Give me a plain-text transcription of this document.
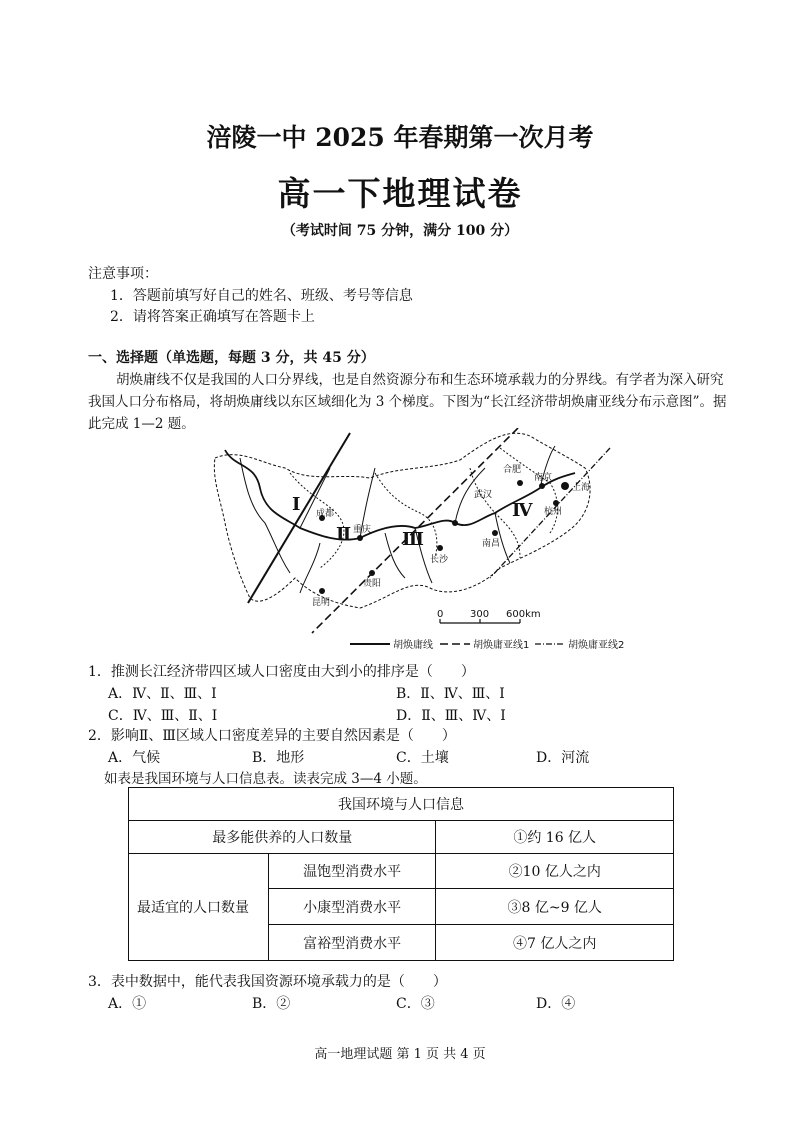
涪陵一中 2025 年春期第一次月考
高一下地理试卷
（考试时间 75 分钟，满分 100 分）
注意事项：
1．答题前填写好自己的姓名、班级、考号等信息
2．请将答案正确填写在答题卡上
一、选择题（单选题，每题 3 分，共 45 分）
胡焕庸线不仅是我国的人口分界线，也是自然资源分布和生态环境承载力的分界线。有学者为深入研究我国人口分布格局，将胡焕庸线以东区域细化为 3 个梯度。下图为“长江经济带胡焕庸亚线分布示意图”。据此完成 1—2 题。
成都
重庆
贵阳
昆明
长沙
武汉
南昌
合肥
南京
上海
杭州
Ⅰ
Ⅱ	Ⅲ
Ⅳ
0	300 600km
胡焕庸线	胡焕庸亚线1	胡焕庸亚线2
1．推测长江经济带四区域人口密度由大到小的排序是（　　）
A．Ⅳ、Ⅱ、Ⅲ、Ⅰ	B．Ⅱ、Ⅳ、Ⅲ、Ⅰ
C．Ⅳ、Ⅲ、Ⅱ、Ⅰ	D．Ⅱ、Ⅲ、Ⅳ、Ⅰ
2．影响Ⅱ、Ⅲ区域人口密度差异的主要自然因素是（　　）
A．气候	B．地形	C．土壤	D．河流
如表是我国环境与人口信息表。读表完成 3—4 小题。
我国环境与人口信息		
最多能供养的人口数量		①约 16 亿人
最适宜的人口数量	温饱型消费水平	②10 亿人之内
	小康型消费水平	③8 亿~9 亿人
	富裕型消费水平	④7 亿人之内
3．表中数据中，能代表我国资源环境承载力的是（　　）
A．①	B．②	C．③	D．④
高一地理试题 第 1 页 共 4 页
